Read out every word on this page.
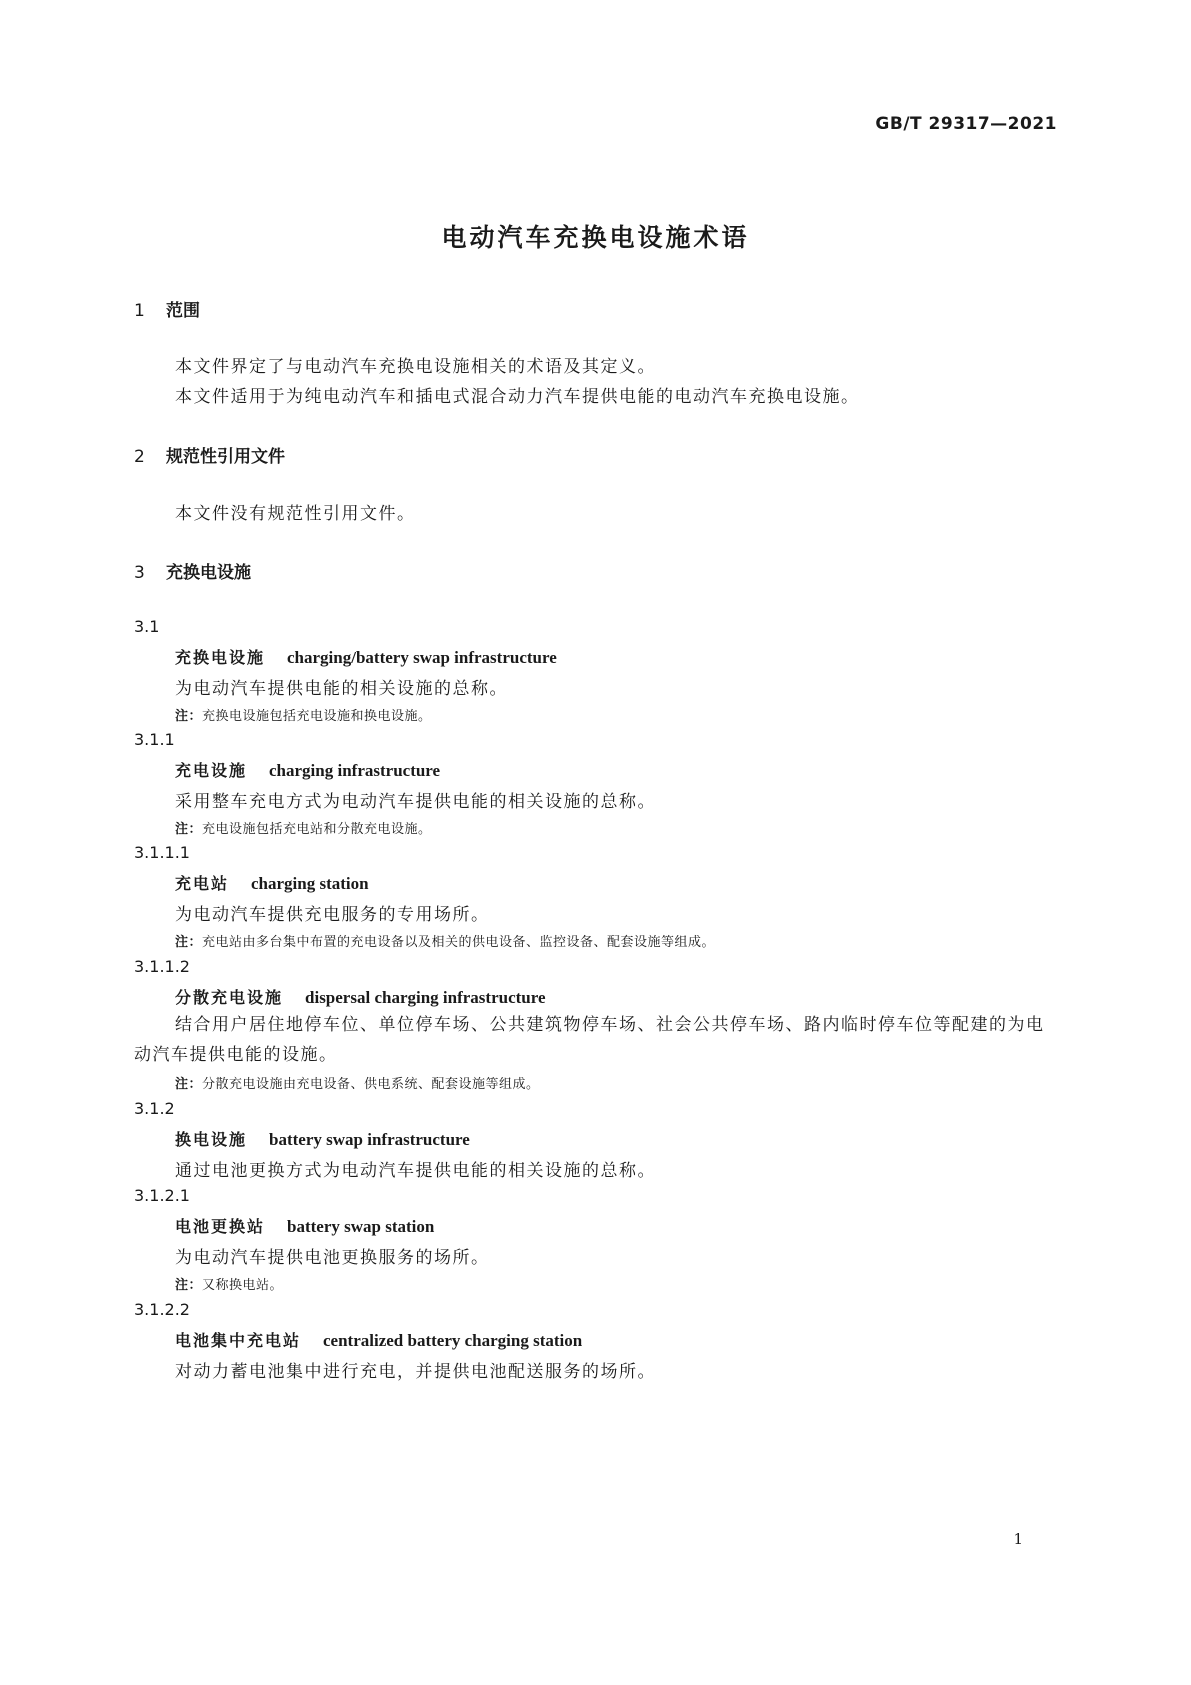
GB/T 29317—2021
电动汽车充换电设施术语
1 范围
本文件界定了与电动汽车充换电设施相关的术语及其定义。
本文件适用于为纯电动汽车和插电式混合动力汽车提供电能的电动汽车充换电设施。
2 规范性引用文件
本文件没有规范性引用文件。
3 充换电设施
3.1
充换电设施 charging/battery swap infrastructure
为电动汽车提供电能的相关设施的总称。
注：充换电设施包括充电设施和换电设施。
3.1.1
充电设施 charging infrastructure
采用整车充电方式为电动汽车提供电能的相关设施的总称。
注：充电设施包括充电站和分散充电设施。
3.1.1.1
充电站 charging station
为电动汽车提供充电服务的专用场所。
注：充电站由多台集中布置的充电设备以及相关的供电设备、监控设备、配套设施等组成。
3.1.1.2
分散充电设施 dispersal charging infrastructure
结合用户居住地停车位、单位停车场、公共建筑物停车场、社会公共停车场、路内临时停车位等配建的为电动汽车提供电能的设施。
注：分散充电设施由充电设备、供电系统、配套设施等组成。
3.1.2
换电设施 battery swap infrastructure
通过电池更换方式为电动汽车提供电能的相关设施的总称。
3.1.2.1
电池更换站 battery swap station
为电动汽车提供电池更换服务的场所。
注：又称换电站。
3.1.2.2
电池集中充电站 centralized battery charging station
对动力蓄电池集中进行充电，并提供电池配送服务的场所。
1
